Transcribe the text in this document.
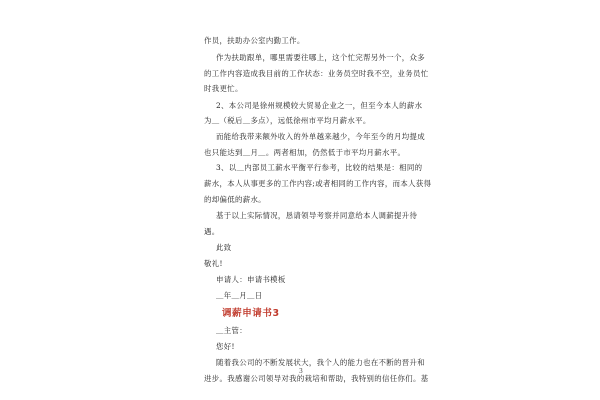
作员，扶助办公室内勤工作。
作为扶助跟单，哪里需要往哪上，这个忙完帮另外一个，众多
的工作内容造成我目前的工作状态：业务员空时我不空，业务员忙
时我更忙。
2、本公司是徐州规模较大贸易企业之一，但至今本人的薪水
为＿（税后＿多点），远低徐州市平均月薪水平。
而能给我带来额外收入的外单越来越少，今年至今的月均提成
也只能达到＿月＿。两者相加，仍然低于市平均月薪水平。
3、以＿内部员工薪水平衡平行参考，比较的结果是：相同的
薪水，本人从事更多的工作内容;或者相同的工作内容，而本人获得
的却偏低的薪水。
基于以上实际情况，恳请领导考察并同意给本人调薪提升待
遇。
此致
敬礼!
申请人：申请书模板
＿年＿月＿日
调薪申请书3
＿主管：
您好!
随着我公司的不断发展状大，我个人的能力也在不断的晋升和
进步。我感谢公司领导对我的栽培和帮助，我特别的信任你们。基
3
